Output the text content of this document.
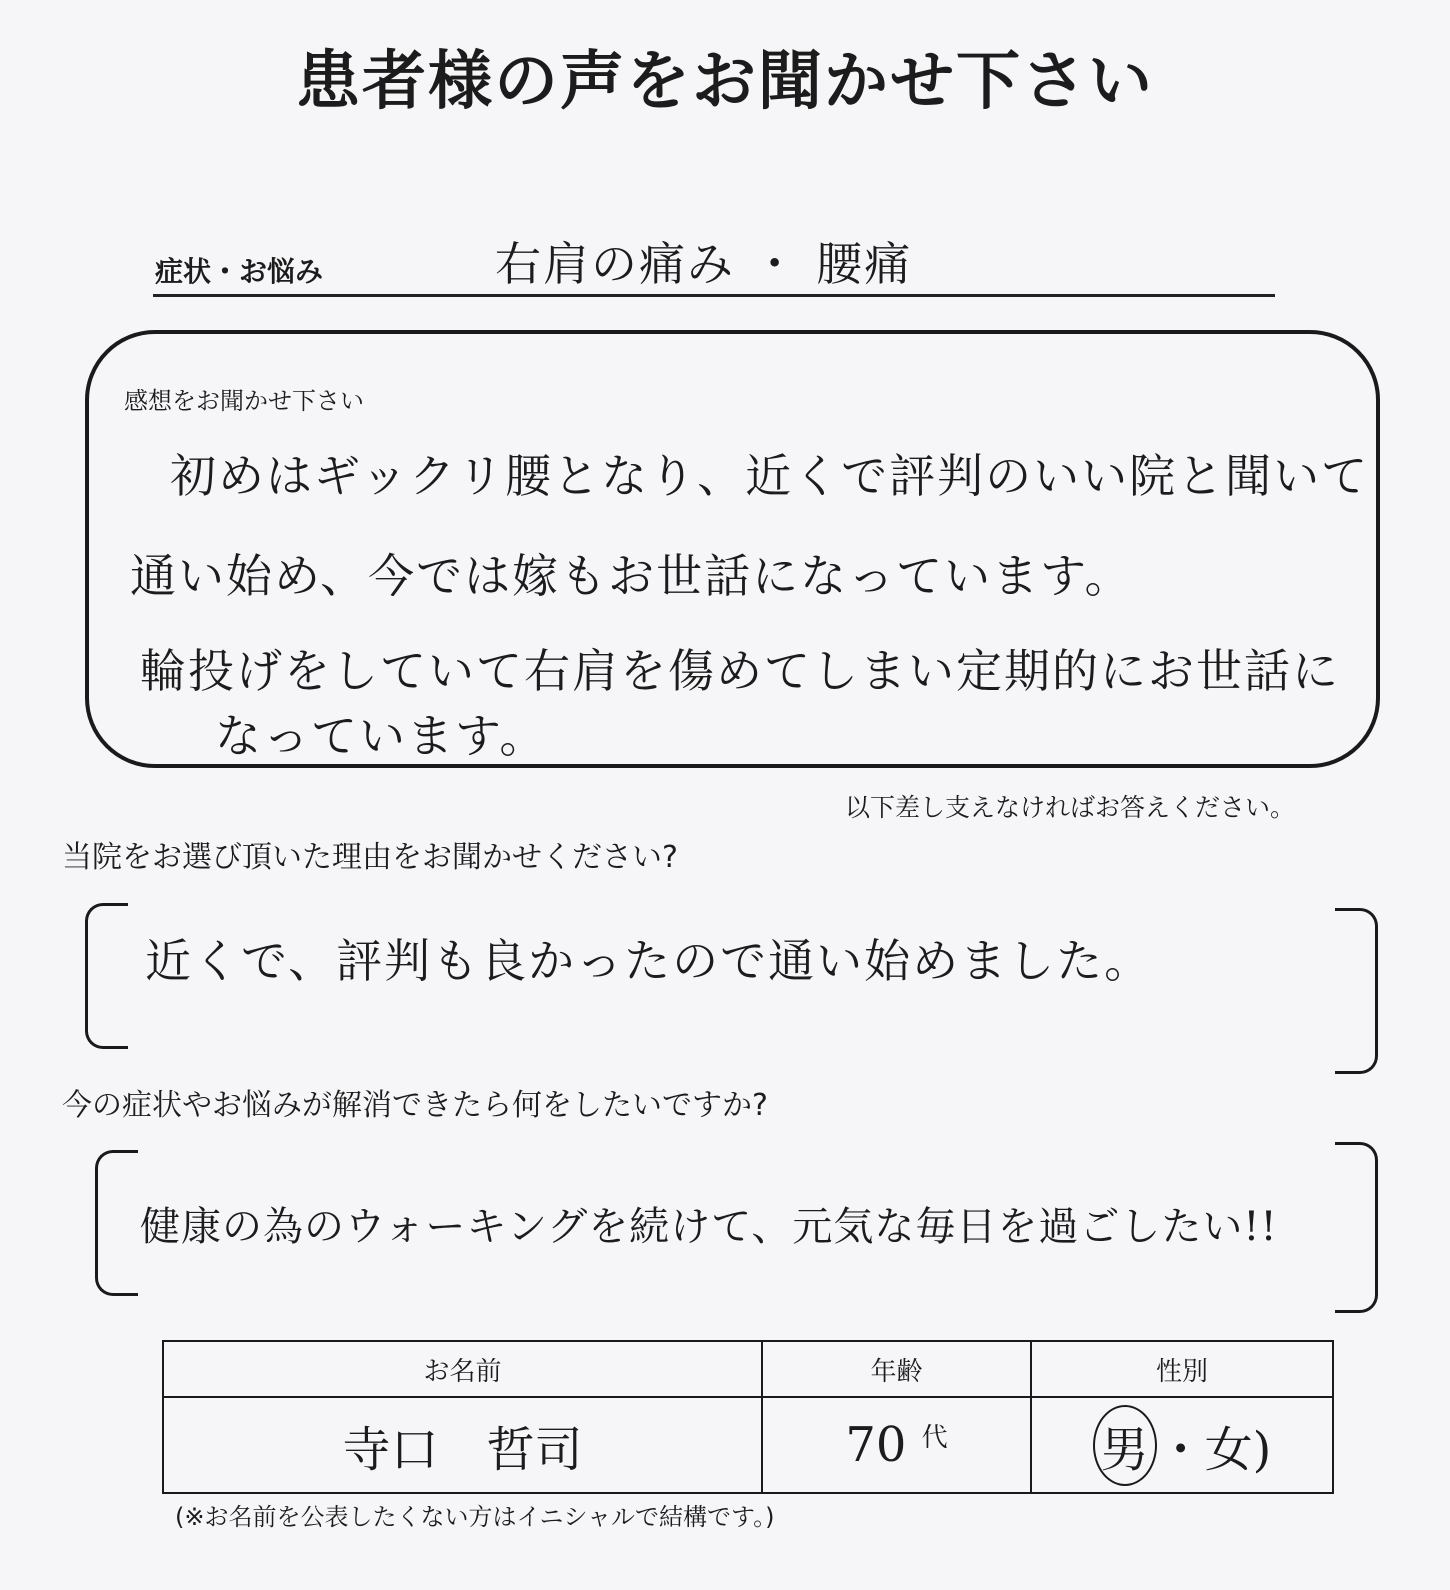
患者様の声をお聞かせ下さい
症状・お悩み	右肩の痛み ・ 腰痛
感想をお聞かせ下さい
初めはギックリ腰となり、近くで評判のいい院と聞いて
通い始め、今では嫁もお世話になっています。
輪投げをしていて右肩を傷めてしまい定期的にお世話に
なっています。
以下差し支えなければお答えください。
当院をお選び頂いた理由をお聞かせください?
近くで、評判も良かったので通い始めました。
今の症状やお悩みが解消できたら何をしたいですか?
健康の為のウォーキングを続けて、元気な毎日を過ごしたい!!
お名前	年齢	性別
寺口　哲司	70 $^代$	男 ・女)
(※お名前を公表したくない方はイニシャルで結構です。)
